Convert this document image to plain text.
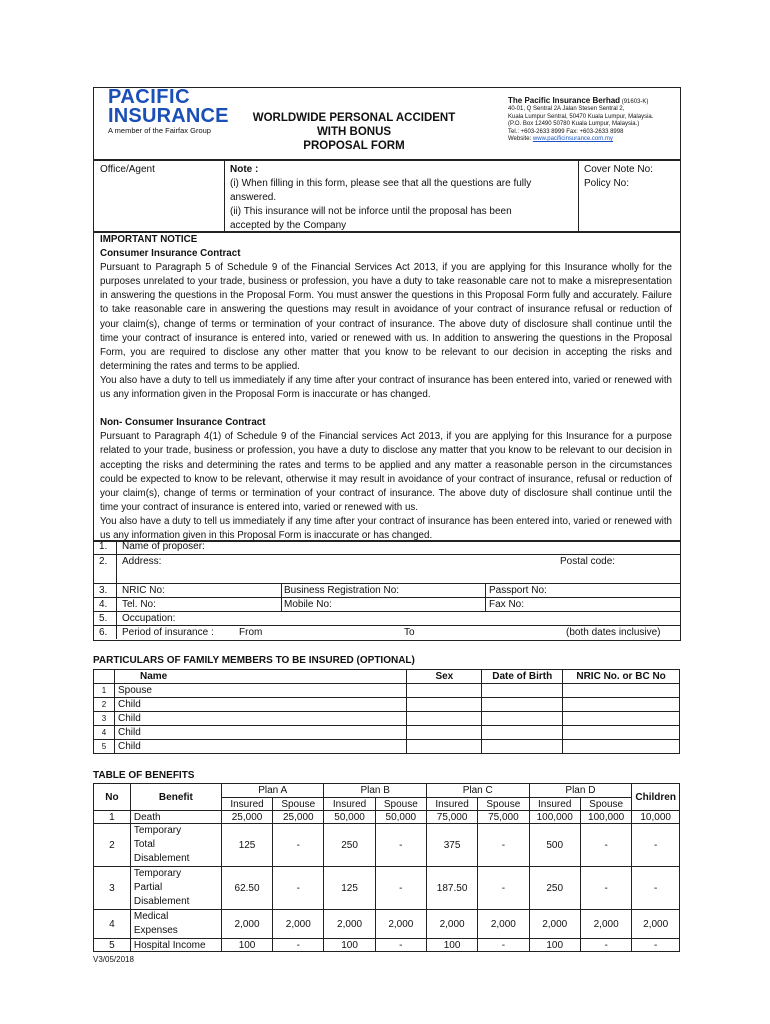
PACIFIC
INSURANCE
A member of the Fairfax Group
WORLDWIDE PERSONAL ACCIDENT
WITH BONUS
PROPOSAL FORM
The Pacific Insurance Berhad (91603-K)
40-01, Q Sentral 2A Jalan Stesen Sentral 2,
Kuala Lumpur Sentral, 50470 Kuala Lumpur, Malaysia.
(P.O. Box 12490 50780 Kuala Lumpur, Malaysia.)
Tel.: +603-2633 8999 Fax: +603-2633 8998
Website: www.pacificinsurance.com.my
Office/Agent	Note :
(i) When filling in this form, please see that all the questions are fully
answered.
(ii) This insurance will not be inforce until the proposal has been
accepted by the Company
Cover Note No:
Policy No:

IMPORTANT NOTICE

Consumer Insurance Contract

Pursuant to Paragraph 5 of Schedule 9 of the Financial Services Act 2013, if you are applying for this Insurance wholly for the purposes unrelated to your trade, business or profession, you have a duty to take reasonable care not to make a misrepresentation in answering the questions in the Proposal Form. You must answer the questions in this Proposal Form fully and accurately. Failure to take reasonable care in answering the questions may result in avoidance of your contract of insurance refusal or reduction of your claim(s), change of terms or termination of your contract of insurance. The above duty of disclosure shall continue until the time your contract of insurance is entered into, varied or renewed with us. In addition to answering the questions in the Proposal Form, you are required to disclose any other matter that you know to be relevant to our decision in accepting the risks and determining the rates and terms to be applied.

You also have a duty to tell us immediately if any time after your contract of insurance has been entered into, varied or renewed with us any information given in the Proposal Form is inaccurate or has changed.

Non- Consumer Insurance Contract

Pursuant to Paragraph 4(1) of Schedule 9 of the Financial services Act 2013, if you are applying for this Insurance for a purpose related to your trade, business or profession, you have a duty to disclose any matter that you know to be relevant to our decision in accepting the risks and determining the rates and terms to be applied and any matter a reasonable person in the circumstances could be expected to know to be relevant, otherwise it may result in avoidance of your contract of insurance, refusal or reduction of your claim(s), change of terms or termination of your contract of insurance. The above duty of disclosure shall continue until the time your contract of insurance is entered into, varied or renewed with us.

You also have a duty to tell us immediately if any time after your contract of insurance has been entered into, varied or renewed with us any information given in this Proposal Form is inaccurate or has changed.

1. Name of proposer:
2. Address:	Postal code:
3. NRIC No:	Business Registration No:	Passport No:
4. Tel. No:	Mobile No:	Fax No:
5. Occupation:
6. Period of insurance :	From	To	(both dates inclusive)
PARTICULARS OF FAMILY MEMBERS TO BE INSURED (OPTIONAL)
	Name	Sex	Date of Birth	NRIC No. or BC No
1	Spouse			
2	Child			
3	Child			
4	Child			
5	Child			
TABLE OF BENEFITS
No	Benefit	Plan A		Plan B		Plan C		Plan D		Children
		Insured	Spouse	Insured	Spouse	Insured	Spouse	Insured	Spouse	
1	Death	25,000	25,000	50,000	50,000	75,000	75,000	100,000	100,000	10,000
2	Temporary
Total
Disablement	125	-	250	-	375	-	500	-	-
3	Temporary
Partial
Disablement	62.50	-	125	-	187.50	-	250	-	-
4	Medical
Expenses	2,000	2,000	2,000	2,000	2,000	2,000	2,000	2,000	2,000
5	Hospital Income	100	-	100	-	100	-	100	-	-
V3/05/2018
